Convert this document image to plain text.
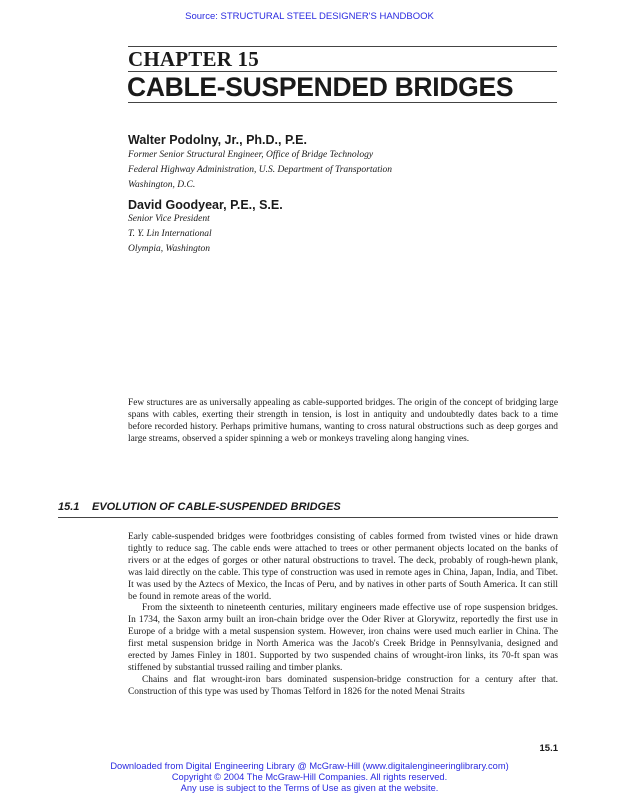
Source: STRUCTURAL STEEL DESIGNER'S HANDBOOK
CHAPTER 15
CABLE-SUSPENDED BRIDGES
Walter Podolny, Jr., Ph.D., P.E.
Former Senior Structural Engineer, Office of Bridge Technology
Federal Highway Administration, U.S. Department of Transportation
Washington, D.C.
David Goodyear, P.E., S.E.
Senior Vice President
T. Y. Lin International
Olympia, Washington

Few structures are as universally appealing as cable-supported bridges. The origin of the concept of bridging large spans with cables, exerting their strength in tension, is lost in antiquity and undoubtedly dates back to a time before recorded history. Perhaps primitive humans, wanting to cross natural obstructions such as deep gorges and large streams, observed a spider spinning a web or monkeys traveling along hanging vines.

15.1 EVOLUTION OF CABLE-SUSPENDED BRIDGES

Early cable-suspended bridges were footbridges consisting of cables formed from twisted vines or hide drawn tightly to reduce sag. The cable ends were attached to trees or other permanent objects located on the banks of rivers or at the edges of gorges or other natural obstructions to travel. The deck, probably of rough-hewn plank, was laid directly on the cable. This type of construction was used in remote ages in China, Japan, India, and Tibet. It was used by the Aztecs of Mexico, the Incas of Peru, and by natives in other parts of South America. It can still be found in remote areas of the world.

From the sixteenth to nineteenth centuries, military engineers made effective use of rope suspension bridges. In 1734, the Saxon army built an iron-chain bridge over the Oder River at Glorywitz, reportedly the first use in Europe of a bridge with a metal suspension system. However, iron chains were used much earlier in China. The first metal suspension bridge in North America was the Jacob's Creek Bridge in Pennsylvania, designed and erected by James Finley in 1801. Supported by two suspended chains of wrought-iron links, its 70-ft span was stiffened by substantial trussed railing and timber planks.

Chains and flat wrought-iron bars dominated suspension-bridge construction for a century after that. Construction of this type was used by Thomas Telford in 1826 for the noted Menai Straits

15.1
Downloaded from Digital Engineering Library @ McGraw-Hill (www.digitalengineeringlibrary.com)
Copyright © 2004 The McGraw-Hill Companies. All rights reserved.
Any use is subject to the Terms of Use as given at the website.
